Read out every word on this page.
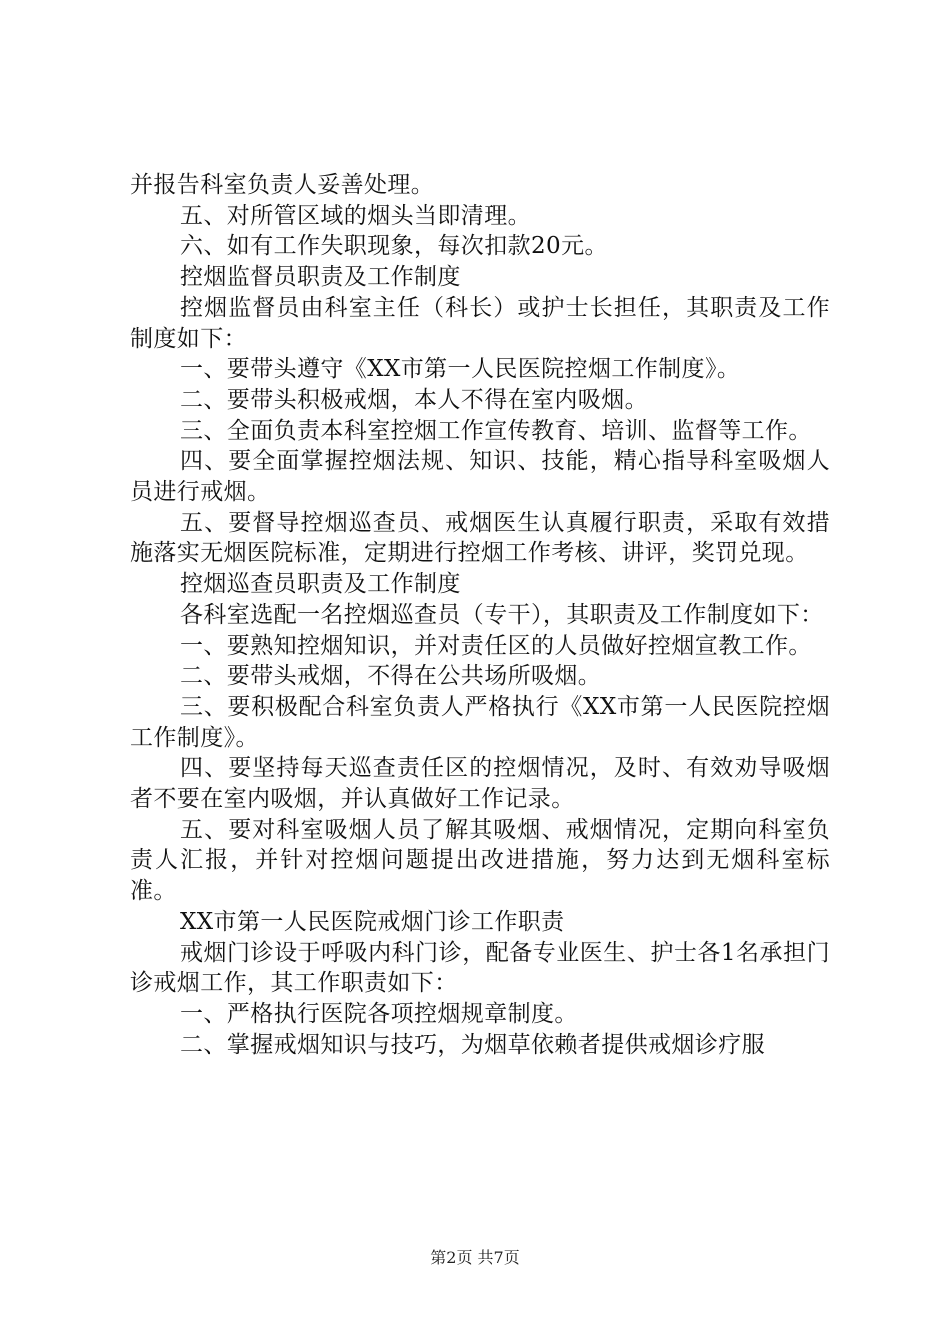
并报告科室负责人妥善处理。

五、对所管区域的烟头当即清理。

六、如有工作失职现象，每次扣款20元。

控烟监督员职责及工作制度

控烟监督员由科室主任（科长）或护士长担任，其职责及工作制度如下：

一、要带头遵守《XX市第一人民医院控烟工作制度》。

二、要带头积极戒烟，本人不得在室内吸烟。

三、全面负责本科室控烟工作宣传教育、培训、监督等工作。

四、要全面掌握控烟法规、知识、技能，精心指导科室吸烟人员进行戒烟。

五、要督导控烟巡查员、戒烟医生认真履行职责，采取有效措施落实无烟医院标准，定期进行控烟工作考核、讲评，奖罚兑现。

控烟巡查员职责及工作制度

各科室选配一名控烟巡查员（专干），其职责及工作制度如下：

一、要熟知控烟知识，并对责任区的人员做好控烟宣教工作。

二、要带头戒烟，不得在公共场所吸烟。

三、要积极配合科室负责人严格执行《XX市第一人民医院控烟工作制度》。

四、要坚持每天巡查责任区的控烟情况，及时、有效劝导吸烟者不要在室内吸烟，并认真做好工作记录。

五、要对科室吸烟人员了解其吸烟、戒烟情况，定期向科室负责人汇报，并针对控烟问题提出改进措施，努力达到无烟科室标准。

XX市第一人民医院戒烟门诊工作职责

戒烟门诊设于呼吸内科门诊，配备专业医生、护士各1名承担门诊戒烟工作，其工作职责如下：

一、严格执行医院各项控烟规章制度。

二、掌握戒烟知识与技巧，为烟草依赖者提供戒烟诊疗服

第2页 共7页
